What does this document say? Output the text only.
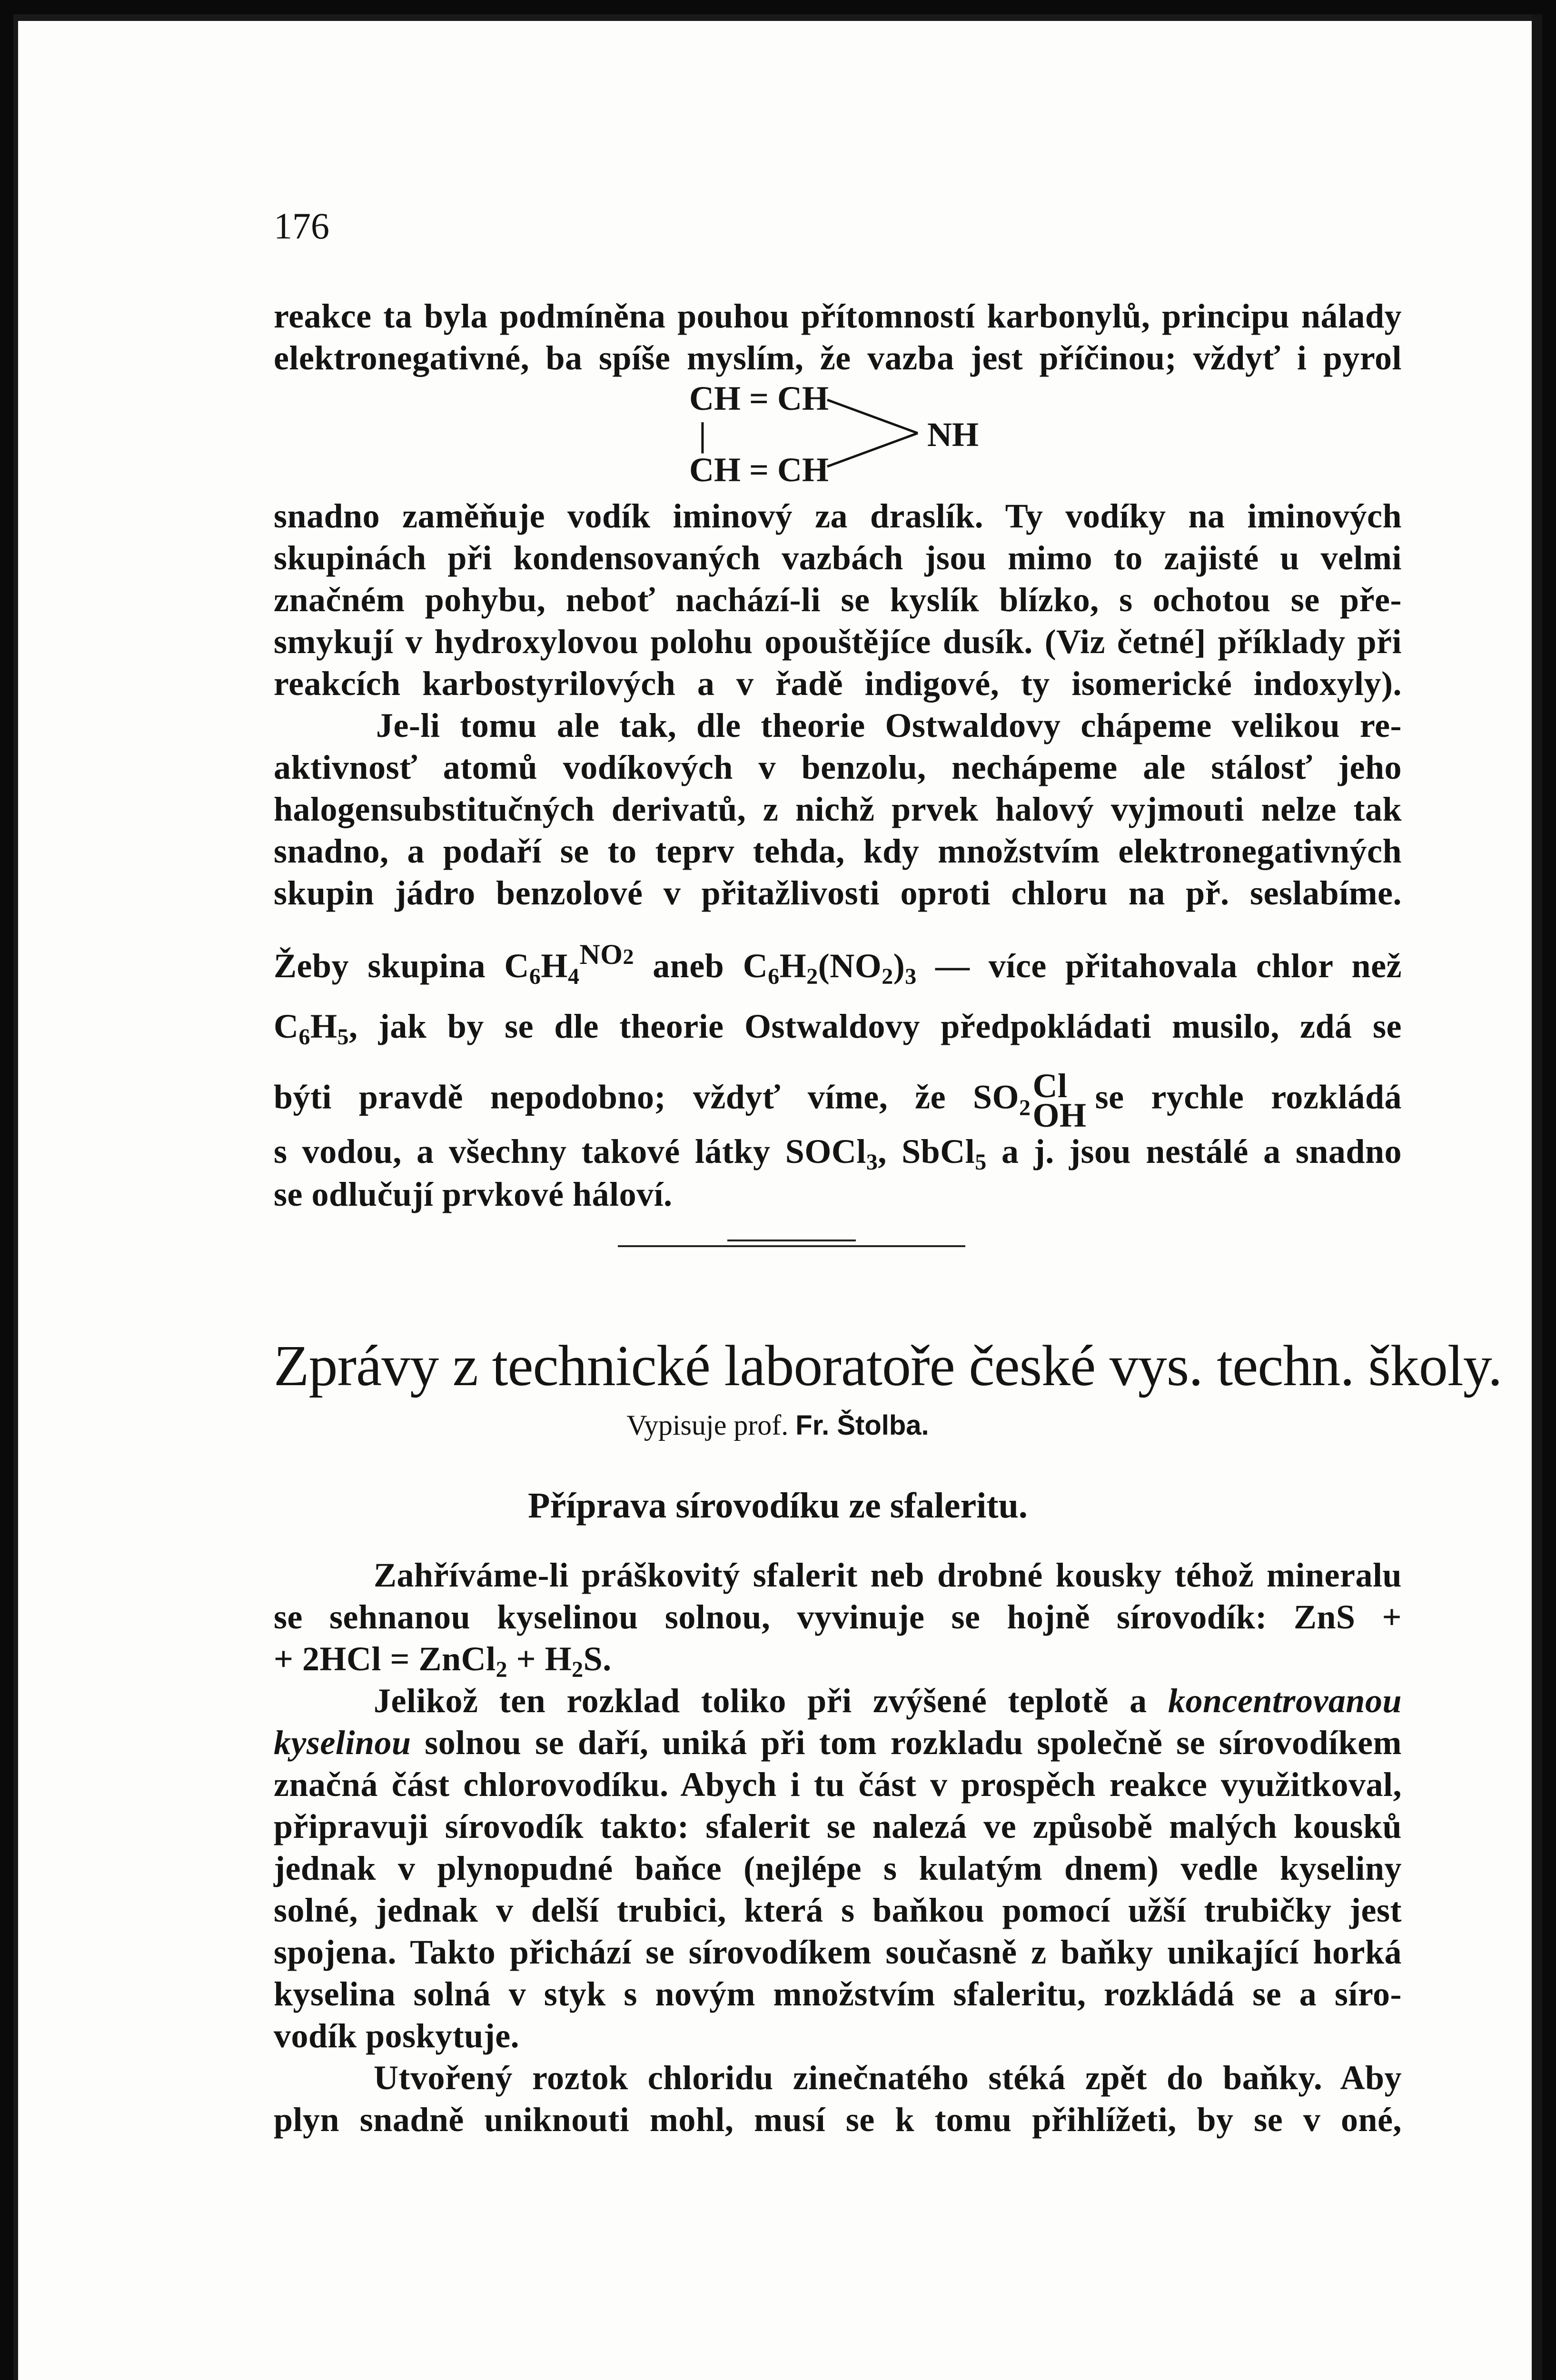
176
reakce ta byla podmíněna pouhou přítomností karbonylů, principu nálady
elektronegativné, ba spíše myslím, že vazba jest příčinou; vždyť i pyrol
CH = CH
|
CH = CH
NH
snadno zaměňuje vodík iminový za draslík. Ty vodíky na iminových
skupinách při kondensovaných vazbách jsou mimo to zajisté u velmi
značném pohybu, neboť nachází-li se kyslík blízko, s ochotou se pře-
smykují v hydroxylovou polohu opouštějíce dusík. (Viz četné] příklady při
reakcích karbostyrilových a v řadě indigové, ty isomerické indoxyly).
Je-li tomu ale tak, dle theorie Ostwaldovy chápeme velikou re-
aktivnosť atomů vodíkových v benzolu, nechápeme ale stálosť jeho
halogensubstitučných derivatů, z nichž prvek halový vyjmouti nelze tak
snadno, a podaří se to teprv tehda, kdy množstvím elektronegativných
skupin jádro benzolové v přitažlivosti oproti chloru na př. seslabíme.
Žeby skupina $C6H4^{NO2}$ aneb C6H2(NO2)3 — více přitahovala chlor než
C6H5, jak by se dle theorie Ostwaldovy předpokládati musilo, zdá se
býti pravdě nepodobno; vždyť víme, že SO2
Cl
OH se rychle rozkládá
s vodou, a všechny takové látky SOCl3, SbCl5 a j. jsou nestálé a snadno
se odlučují prvkové háloví.
Zprávy z technické laboratoře české vys. techn. školy.
Vypisuje prof. Fr. Štolba.
Příprava sírovodíku ze sfaleritu.
Zahříváme-li práškovitý sfalerit neb drobné kousky téhož mineralu
se sehnanou kyselinou solnou, vyvinuje se hojně sírovodík: ZnS +
+ 2HCl = ZnCl2 + H2S.
Jelikož ten rozklad toliko při zvýšené teplotě a koncentrovanou
kyselinou solnou se daří, uniká při tom rozkladu společně se sírovodíkem
značná část chlorovodíku. Abych i tu část v prospěch reakce využitkoval,
připravuji sírovodík takto: sfalerit se nalezá ve způsobě malých kousků
jednak v plynopudné baňce (nejlépe s kulatým dnem) vedle kyseliny
solné, jednak v delší trubici, která s baňkou pomocí užší trubičky jest
spojena. Takto přichází se sírovodíkem současně z baňky unikající horká
kyselina solná v styk s novým množstvím sfaleritu, rozkládá se a síro-
vodík poskytuje.
Utvořený roztok chloridu zinečnatého stéká zpět do baňky. Aby
plyn snadně uniknouti mohl, musí se k tomu přihlížeti, by se v oné,
